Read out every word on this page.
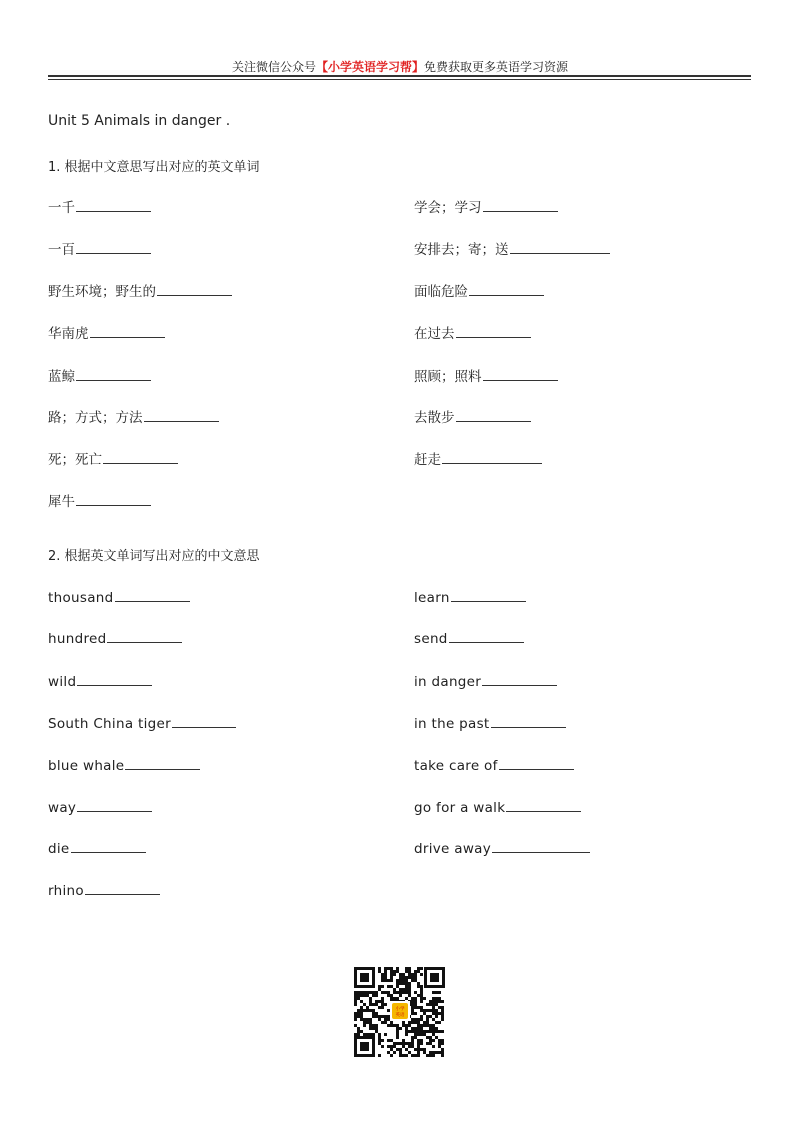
关注微信公众号【小学英语学习帮】免费获取更多英语学习资源
Unit 5 Animals in danger .
1. 根据中文意思写出对应的英文单词
一千
一百
野生环境；野生的
华南虎
蓝鲸
路；方式；方法
死；死亡
犀牛
学会；学习
安排去；寄；送
面临危险
在过去
照顾；照料
去散步
赶走
2. 根据英文单词写出对应的中文意思
thousand
hundred
wild
South China tiger
blue whale
way
die
rhino
learn
send
in danger
in the past
take care of
go for a walk
drive away
小学
英语
